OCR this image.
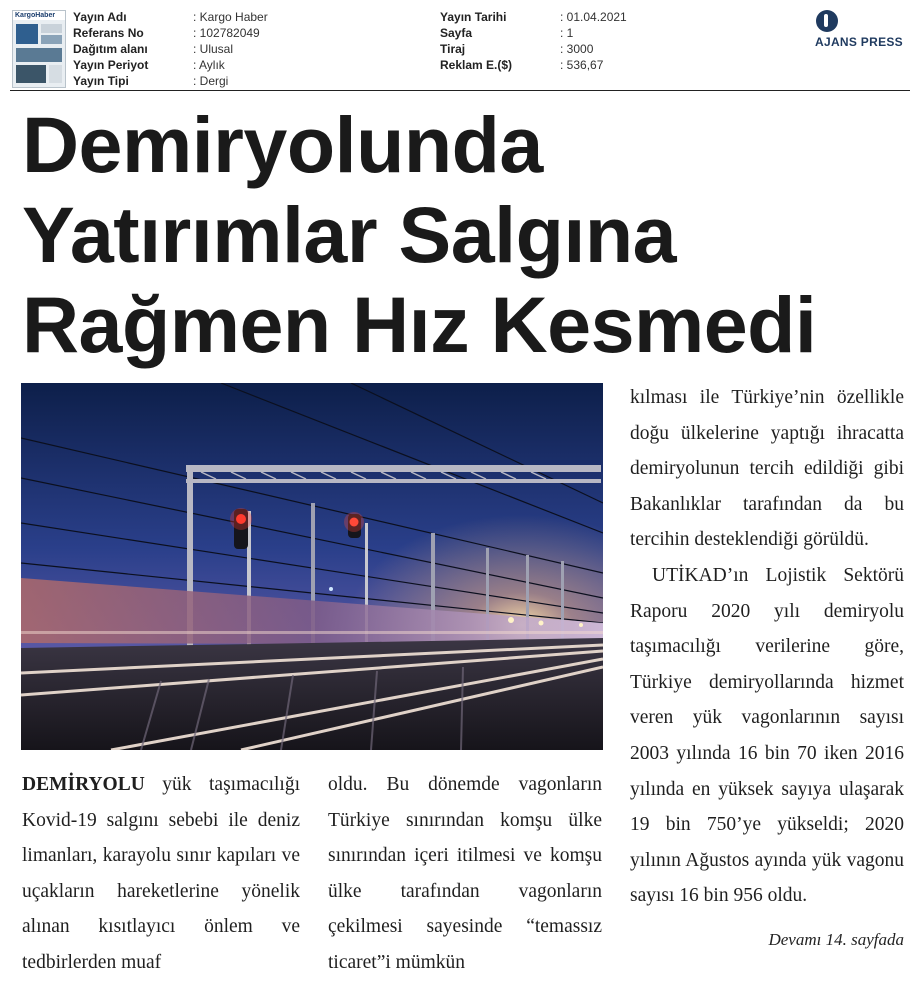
KargoHaber	Yayın Adı	: Kargo Haber
Referans No	: 102782049
Dağıtım alanı	: Ulusal
Yayın Periyot	: Aylık
Yayın Tipi	: Dergi
Yayın Tarihi	: 01.04.2021
Sayfa	: 1
Tiraj	: 3000
Reklam E.($)	: 536,67
AJANS PRESS
Demiryolunda
Yatırımlar Salgına
Rağmen Hız Kesmedi

DEMİRYOLU yük taşımacılığı Kovid-19 salgını sebebi ile deniz limanları, karayolu sınır kapıları ve uçakların hareketlerine yönelik alınan kısıtlayıcı önlem ve tedbirlerden muaf

oldu. Bu dönemde vagonların Türkiye sınırından komşu ülke sınırından içeri itilmesi ve komşu ülke tarafından vagonların çekilmesi sayesinde “temassız ticaret”i mümkün

kılması ile Türkiye’nin özellikle doğu ülkelerine yaptığı ihracatta demiryolunun tercih edildiği gibi Bakanlıklar tarafından da bu tercihin desteklendiği görüldü.

UTİKAD’ın Lojistik Sektörü Raporu 2020 yılı demiryolu taşımacılığı verilerine göre, Türkiye demiryollarında hizmet veren yük vagonlarının sayısı 2003 yılında 16 bin 70 iken 2016 yılında en yüksek sayıya ulaşarak 19 bin 750’ye yükseldi; 2020 yılının Ağustos ayında yük vagonu sayısı 16 bin 956 oldu.

Devamı 14. sayfada
